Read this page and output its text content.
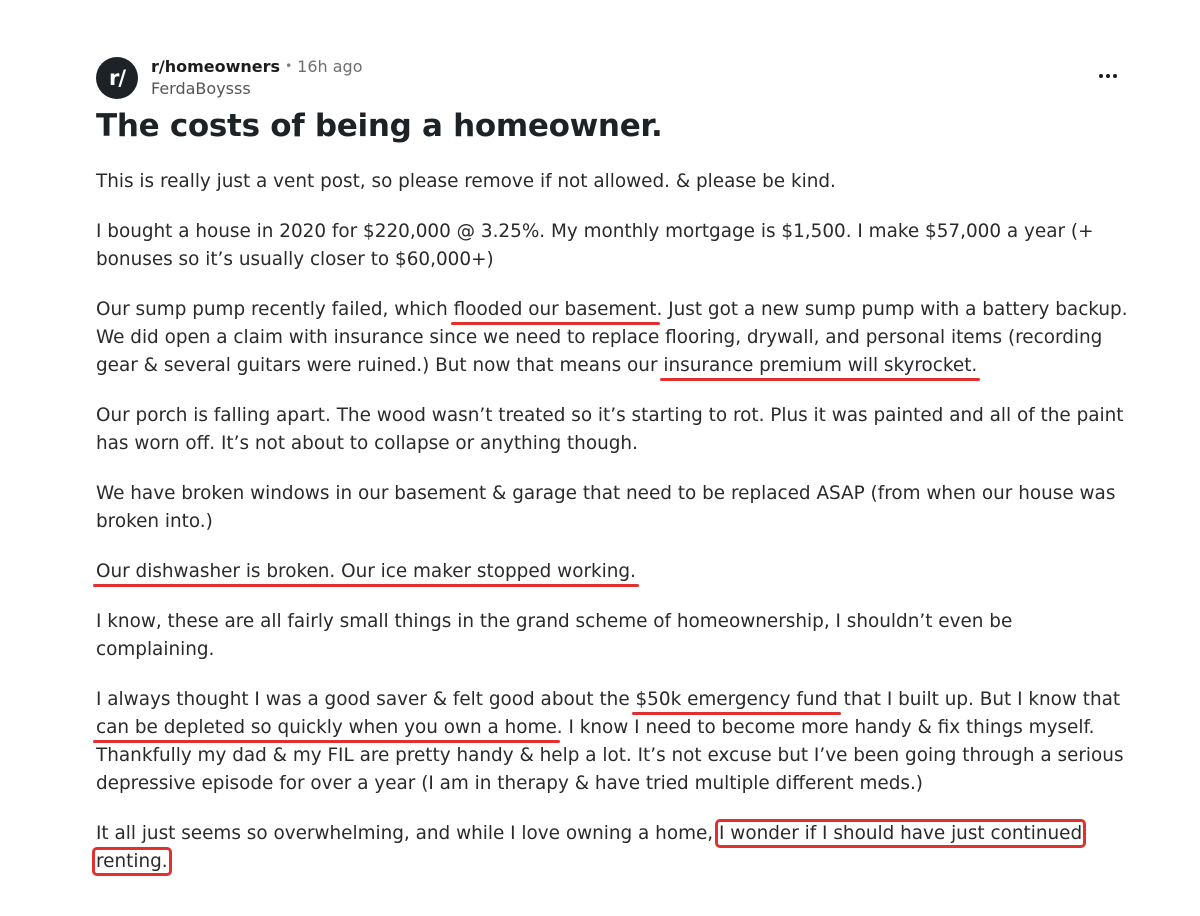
r/ r/homeowners • 16h ago
FerdaBoysss
The costs of being a homeowner.

This is really just a vent post, so please remove if not allowed. & please be kind.

I bought a house in 2020 for $220,000 @ 3.25%. My monthly mortgage is $1,500. I make $57,000 a year (+ bonuses so it’s usually closer to $60,000+)

Our sump pump recently failed, which flooded our basement. Just got a new sump pump with a battery backup. We did open a claim with insurance since we need to replace flooring, drywall, and personal items (recording gear & several guitars were ruined.) But now that means our insurance premium will skyrocket.

Our porch is falling apart. The wood wasn’t treated so it’s starting to rot. Plus it was painted and all of the paint has worn off. It’s not about to collapse or anything though.

We have broken windows in our basement & garage that need to be replaced ASAP (from when our house was broken into.)

Our dishwasher is broken. Our ice maker stopped working.

I know, these are all fairly small things in the grand scheme of homeownership, I shouldn’t even be complaining.

I always thought I was a good saver & felt good about the $50k emergency fund that I built up. But I know that can be depleted so quickly when you own a home. I know I need to become more handy & fix things myself. Thankfully my dad & my FIL are pretty handy & help a lot. It’s not excuse but I’ve been going through a serious depressive episode for over a year (I am in therapy & have tried multiple different meds.)

It all just seems so overwhelming, and while I love owning a home, I wonder if I should have just continued renting.
